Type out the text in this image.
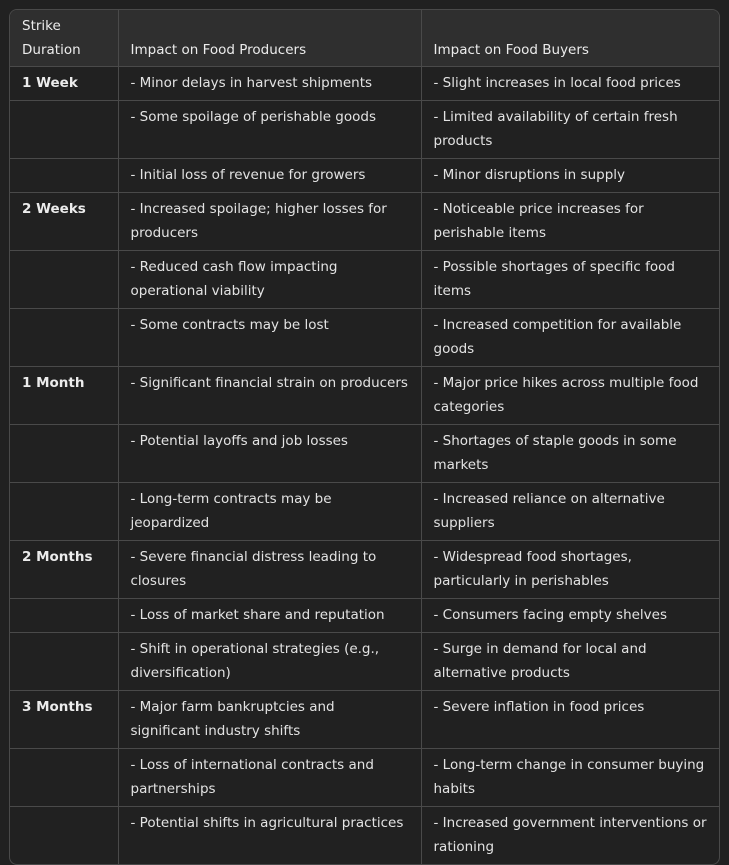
Strike
Duration	Impact on Food Producers	Impact on Food Buyers
1 Week	- Minor delays in harvest shipments	- Slight increases in local food prices
	- Some spoilage of perishable goods	- Limited availability of certain fresh products
	- Initial loss of revenue for growers	- Minor disruptions in supply
2 Weeks	- Increased spoilage; higher losses for producers	- Noticeable price increases for perishable items
	- Reduced cash flow impacting operational viability	- Possible shortages of specific food items
	- Some contracts may be lost	- Increased competition for available goods
1 Month	- Significant financial strain on producers	- Major price hikes across multiple food categories
	- Potential layoffs and job losses	- Shortages of staple goods in some markets
	- Long-term contracts may be jeopardized	- Increased reliance on alternative suppliers
2 Months	- Severe financial distress leading to closures	- Widespread food shortages, particularly in perishables
	- Loss of market share and reputation	- Consumers facing empty shelves
	- Shift in operational strategies (e.g., diversification)	- Surge in demand for local and alternative products
3 Months	- Major farm bankruptcies and significant industry shifts	- Severe inflation in food prices
	- Loss of international contracts and partnerships	- Long-term change in consumer buying habits
	- Potential shifts in agricultural practices	- Increased government interventions or rationing
